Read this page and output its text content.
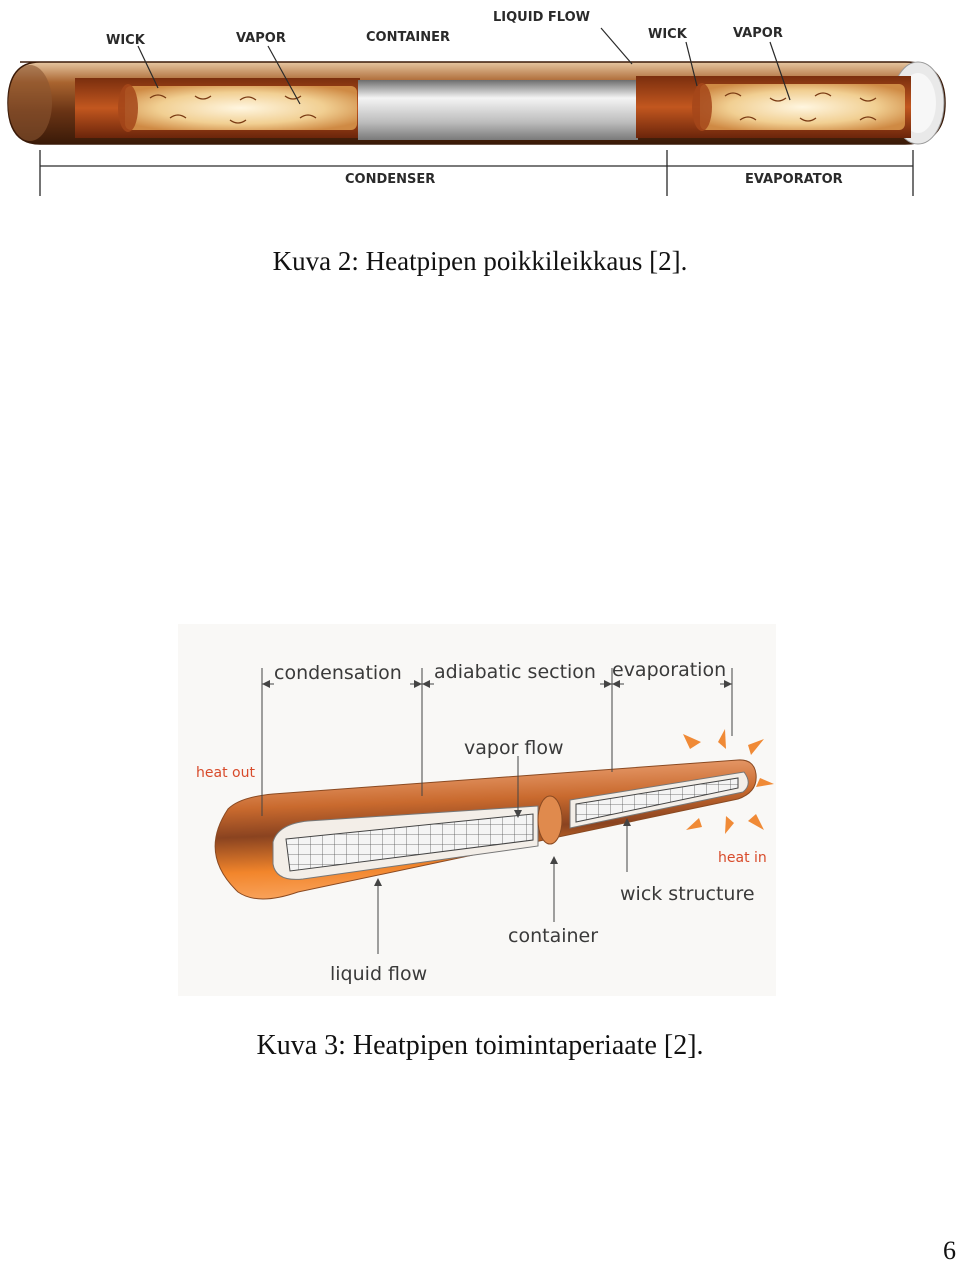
WICK	VAPOR	CONTAINER
LIQUID FLOW
WICK	VAPOR
CONDENSER	EVAPORATOR
Kuva 2: Heatpipen poikkileikkaus [2].
condensation adiabatic section evaporation
vapor flow
heat out
heat in
wick structure
container
liquid flow
Kuva 3: Heatpipen toimintaperiaate [2].
6
